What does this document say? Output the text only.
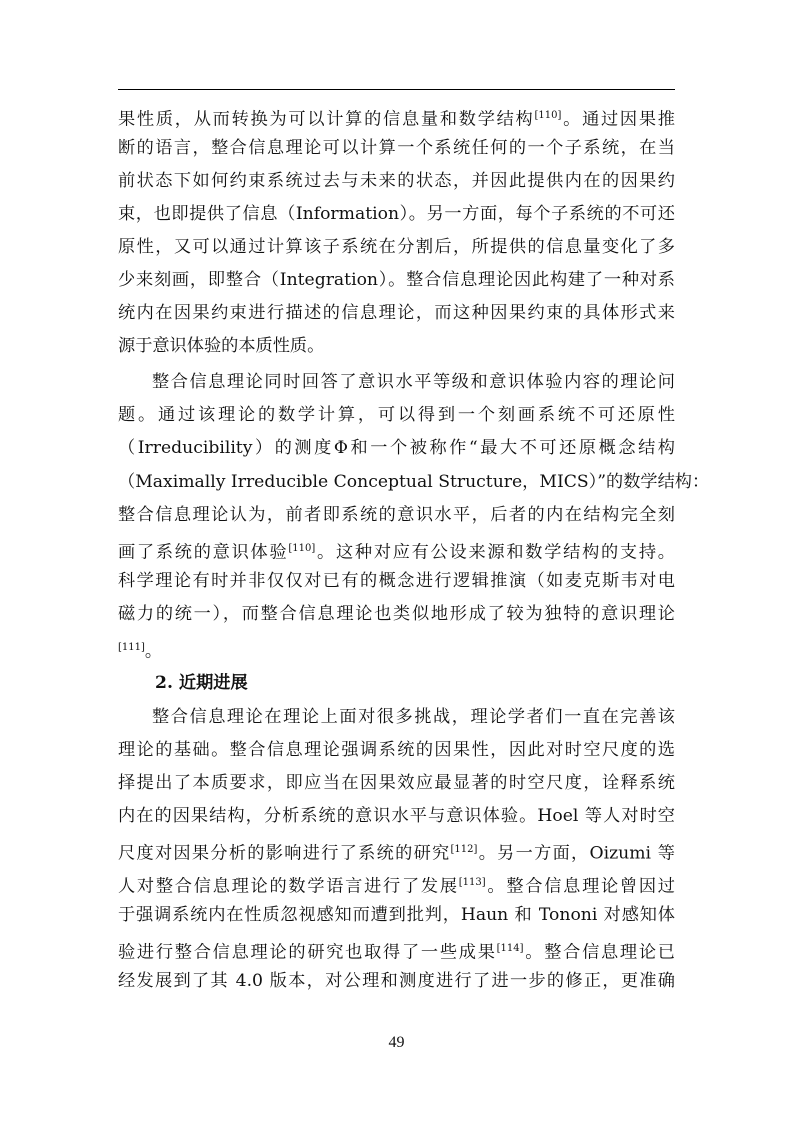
果性质，从而转换为可以计算的信息量和数学结构[110]。通过因果推
断的语言，整合信息理论可以计算一个系统任何的一个子系统，在当
前状态下如何约束系统过去与未来的状态，并因此提供内在的因果约
束，也即提供了信息（Information）。另一方面，每个子系统的不可还
原性，又可以通过计算该子系统在分割后，所提供的信息量变化了多
少来刻画，即整合（Integration）。整合信息理论因此构建了一种对系
统内在因果约束进行描述的信息理论，而这种因果约束的具体形式来
源于意识体验的本质性质。
整合信息理论同时回答了意识水平等级和意识体验内容的理论问
题。通过该理论的数学计算，可以得到一个刻画系统不可还原性
（Irreducibility）的测度Φ和一个被称作“最大不可还原概念结构
（Maximally Irreducible Conceptual Structure，MICS）”的数学结构：
整合信息理论认为，前者即系统的意识水平，后者的内在结构完全刻
画了系统的意识体验[110]。这种对应有公设来源和数学结构的支持。
科学理论有时并非仅仅对已有的概念进行逻辑推演（如麦克斯韦对电
磁力的统一），而整合信息理论也类似地形成了较为独特的意识理论
[111]。
2. 近期进展
整合信息理论在理论上面对很多挑战，理论学者们一直在完善该
理论的基础。整合信息理论强调系统的因果性，因此对时空尺度的选
择提出了本质要求，即应当在因果效应最显著的时空尺度，诠释系统
内在的因果结构，分析系统的意识水平与意识体验。Hoel 等人对时空
尺度对因果分析的影响进行了系统的研究[112]。另一方面，Oizumi 等
人对整合信息理论的数学语言进行了发展[113]。整合信息理论曾因过
于强调系统内在性质忽视感知而遭到批判，Haun 和 Tononi 对感知体
验进行整合信息理论的研究也取得了一些成果[114]。整合信息理论已
经发展到了其 4.0 版本，对公理和测度进行了进一步的修正，更准确
49
